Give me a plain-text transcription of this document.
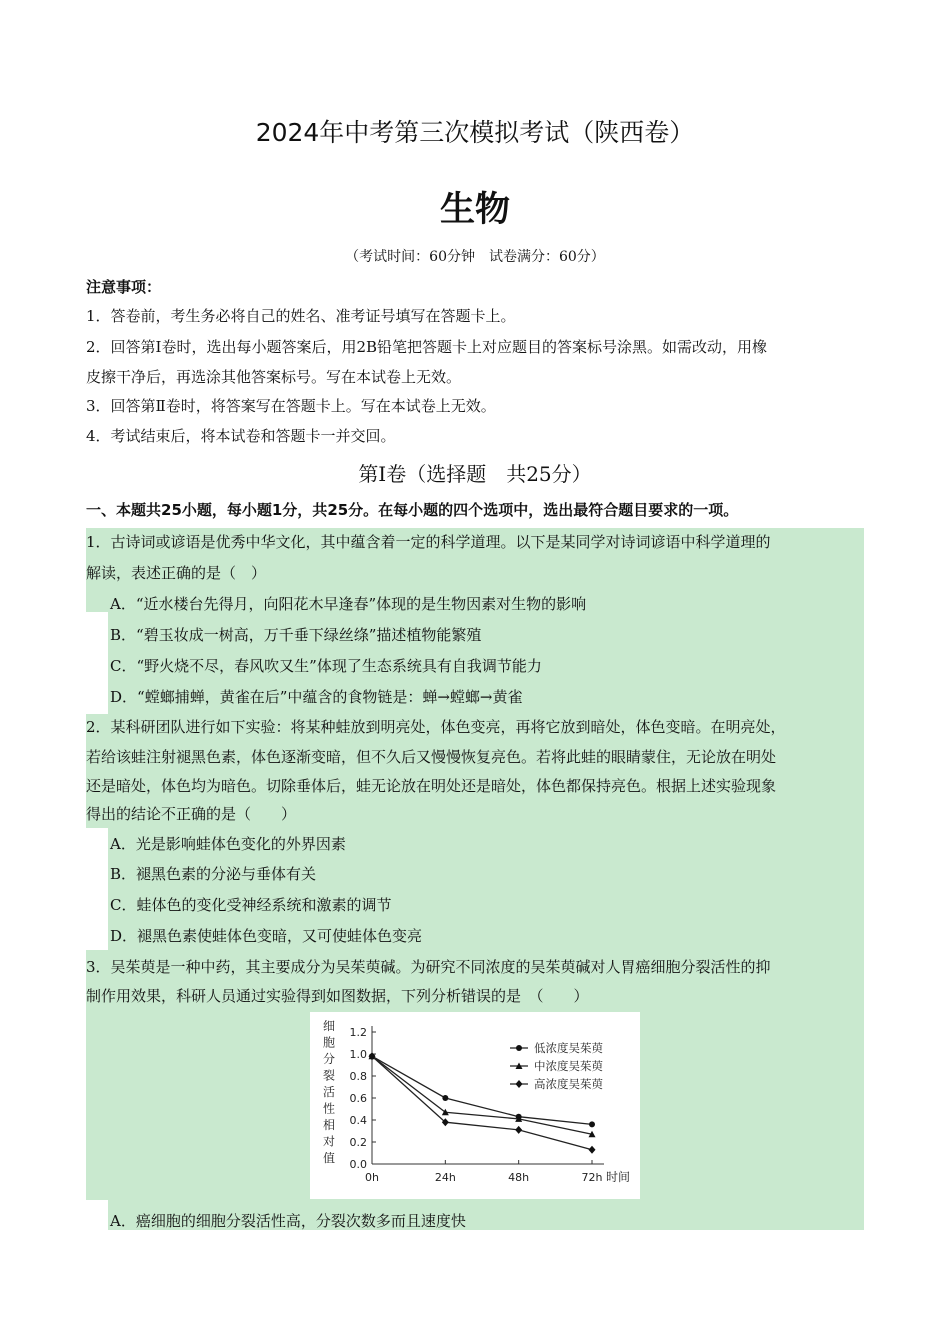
2024年中考第三次模拟考试（陕西卷）
生物
（考试时间：60分钟　试卷满分：60分）
注意事项：
1．答卷前，考生务必将自己的姓名、准考证号填写在答题卡上。
2．回答第Ⅰ卷时，选出每小题答案后，用2B铅笔把答题卡上对应题目的答案标号涂黑。如需改动，用橡
皮擦干净后，再选涂其他答案标号。写在本试卷上无效。
3．回答第Ⅱ卷时，将答案写在答题卡上。写在本试卷上无效。
4．考试结束后，将本试卷和答题卡一并交回。
第Ⅰ卷（选择题　共25分）
一、本题共25小题，每小题1分，共25分。在每小题的四个选项中，选出最符合题目要求的一项。
1．古诗词或谚语是优秀中华文化，其中蕴含着一定的科学道理。以下是某同学对诗词谚语中科学道理的
解读，表述正确的是（　）
A．“近水楼台先得月，向阳花木早逢春”体现的是生物因素对生物的影响
B．“碧玉妆成一树高，万千垂下绿丝绦”描述植物能繁殖
C．“野火烧不尽，春风吹又生”体现了生态系统具有自我调节能力
D．“螳螂捕蝉，黄雀在后”中蕴含的食物链是：蝉→螳螂→黄雀
2．某科研团队进行如下实验：将某种蛙放到明亮处，体色变亮，再将它放到暗处，体色变暗。在明亮处，
若给该蛙注射褪黑色素，体色逐渐变暗，但不久后又慢慢恢复亮色。若将此蛙的眼睛蒙住，无论放在明处
还是暗处，体色均为暗色。切除垂体后，蛙无论放在明处还是暗处，体色都保持亮色。根据上述实验现象
得出的结论不正确的是（　　）
A．光是影响蛙体色变化的外界因素
B．褪黑色素的分泌与垂体有关
C．蛙体色的变化受神经系统和激素的调节
D．褪黑色素使蛙体色变暗，又可使蛙体色变亮
3．吴茱萸是一种中药，其主要成分为吴茱萸碱。为研究不同浓度的吴茱萸碱对人胃癌细胞分裂活性的抑
制作用效果，科研人员通过实验得到如图数据，下列分析错误的是　（　　）
细
胞
分
裂
活
性
相
对
值 0.0
0.2
0.4
0.6
0.8
1.0
1.2
0h	24h	48h	72h 时间
低浓度吴茱萸
中浓度吴茱萸
高浓度吴茱萸
A．癌细胞的细胞分裂活性高，分裂次数多而且速度快
